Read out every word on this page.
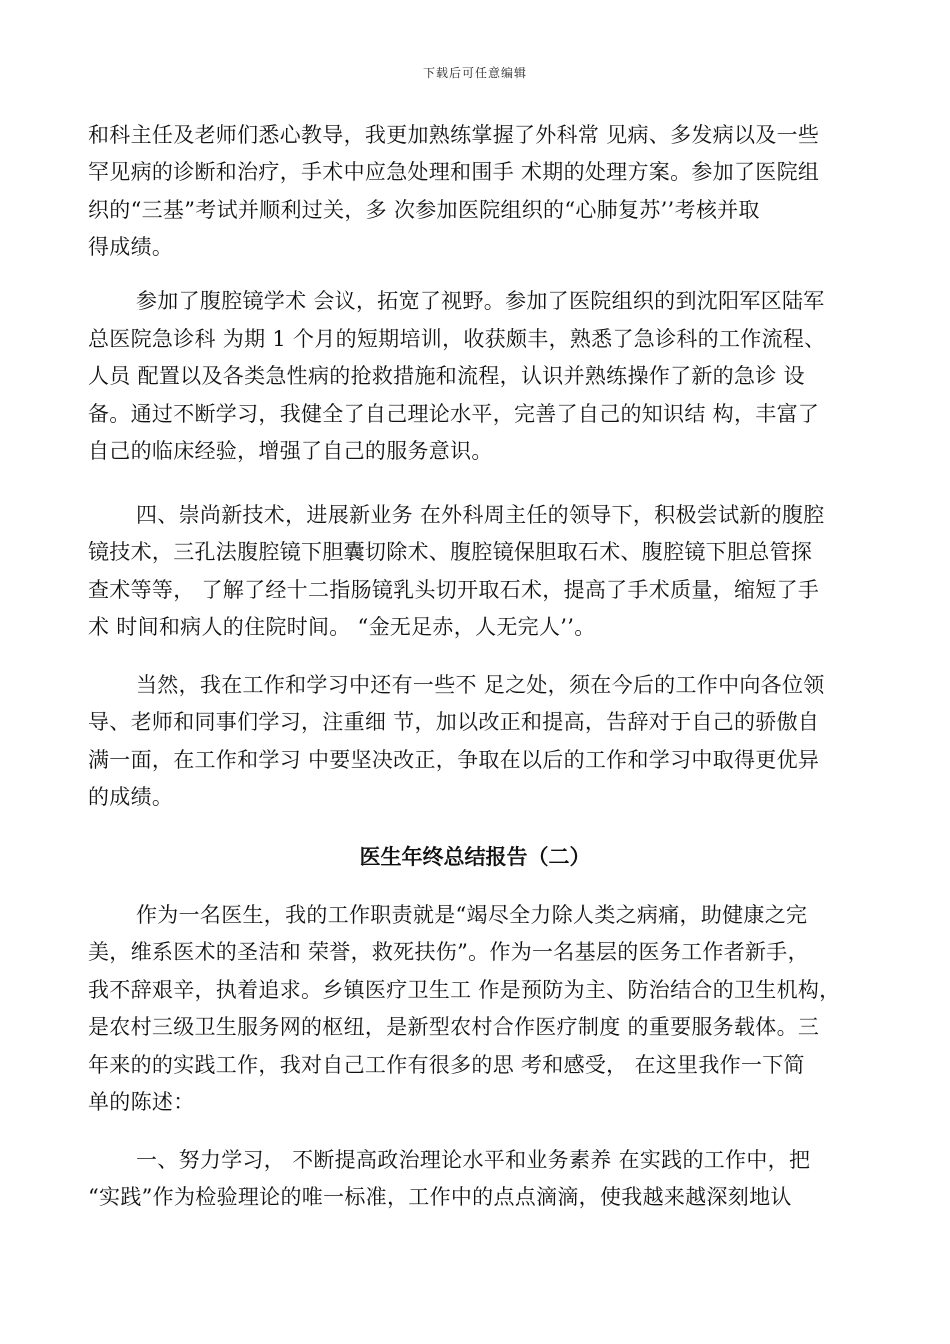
下载后可任意编辑
和科主任及老师们悉心教导，我更加熟练掌握了外科常 见病、多发病以及一些
罕见病的诊断和治疗，手术中应急处理和围手 术期的处理方案。参加了医院组
织的“三基”考试并顺利过关，多 次参加医院组织的“心肺复苏’’考核并取
得成绩。
参加了腹腔镜学术 会议，拓宽了视野。参加了医院组织的到沈阳军区陆军
总医院急诊科 为期 1 个月的短期培训，收获颇丰，熟悉了急诊科的工作流程、
人员 配置以及各类急性病的抢救措施和流程，认识并熟练操作了新的急诊 设
备。通过不断学习，我健全了自己理论水平，完善了自己的知识结 构，丰富了
自己的临床经验，增强了自己的服务意识。
四、崇尚新技术，进展新业务 在外科周主任的领导下，积极尝试新的腹腔
镜技术，三孔法腹腔镜下胆囊切除术、腹腔镜保胆取石术、腹腔镜下胆总管探
查术等等， 了解了经十二指肠镜乳头切开取石术，提高了手术质量，缩短了手
术 时间和病人的住院时间。 “金无足赤，人无完人’’。
当然，我在工作和学习中还有一些不 足之处，须在今后的工作中向各位领
导、老师和同事们学习，注重细 节，加以改正和提高，告辞对于自己的骄傲自
满一面，在工作和学习 中要坚决改正，争取在以后的工作和学习中取得更优异
的成绩。
医生年终总结报告（二）
作为一名医生，我的工作职责就是“竭尽全力除人类之病痛，助健康之完
美，维系医术的圣洁和 荣誉，救死扶伤”。作为一名基层的医务工作者新手，
我不辞艰辛，执着追求。乡镇医疗卫生工 作是预防为主、防治结合的卫生机构，
是农村三级卫生服务网的枢纽，是新型农村合作医疗制度 的重要服务载体。三
年来的的实践工作，我对自己工作有很多的思 考和感受， 在这里我作一下简
单的陈述：
一、努力学习， 不断提高政治理论水平和业务素养 在实践的工作中，把
“实践”作为检验理论的唯一标准，工作中的点点滴滴，使我越来越深刻地认
